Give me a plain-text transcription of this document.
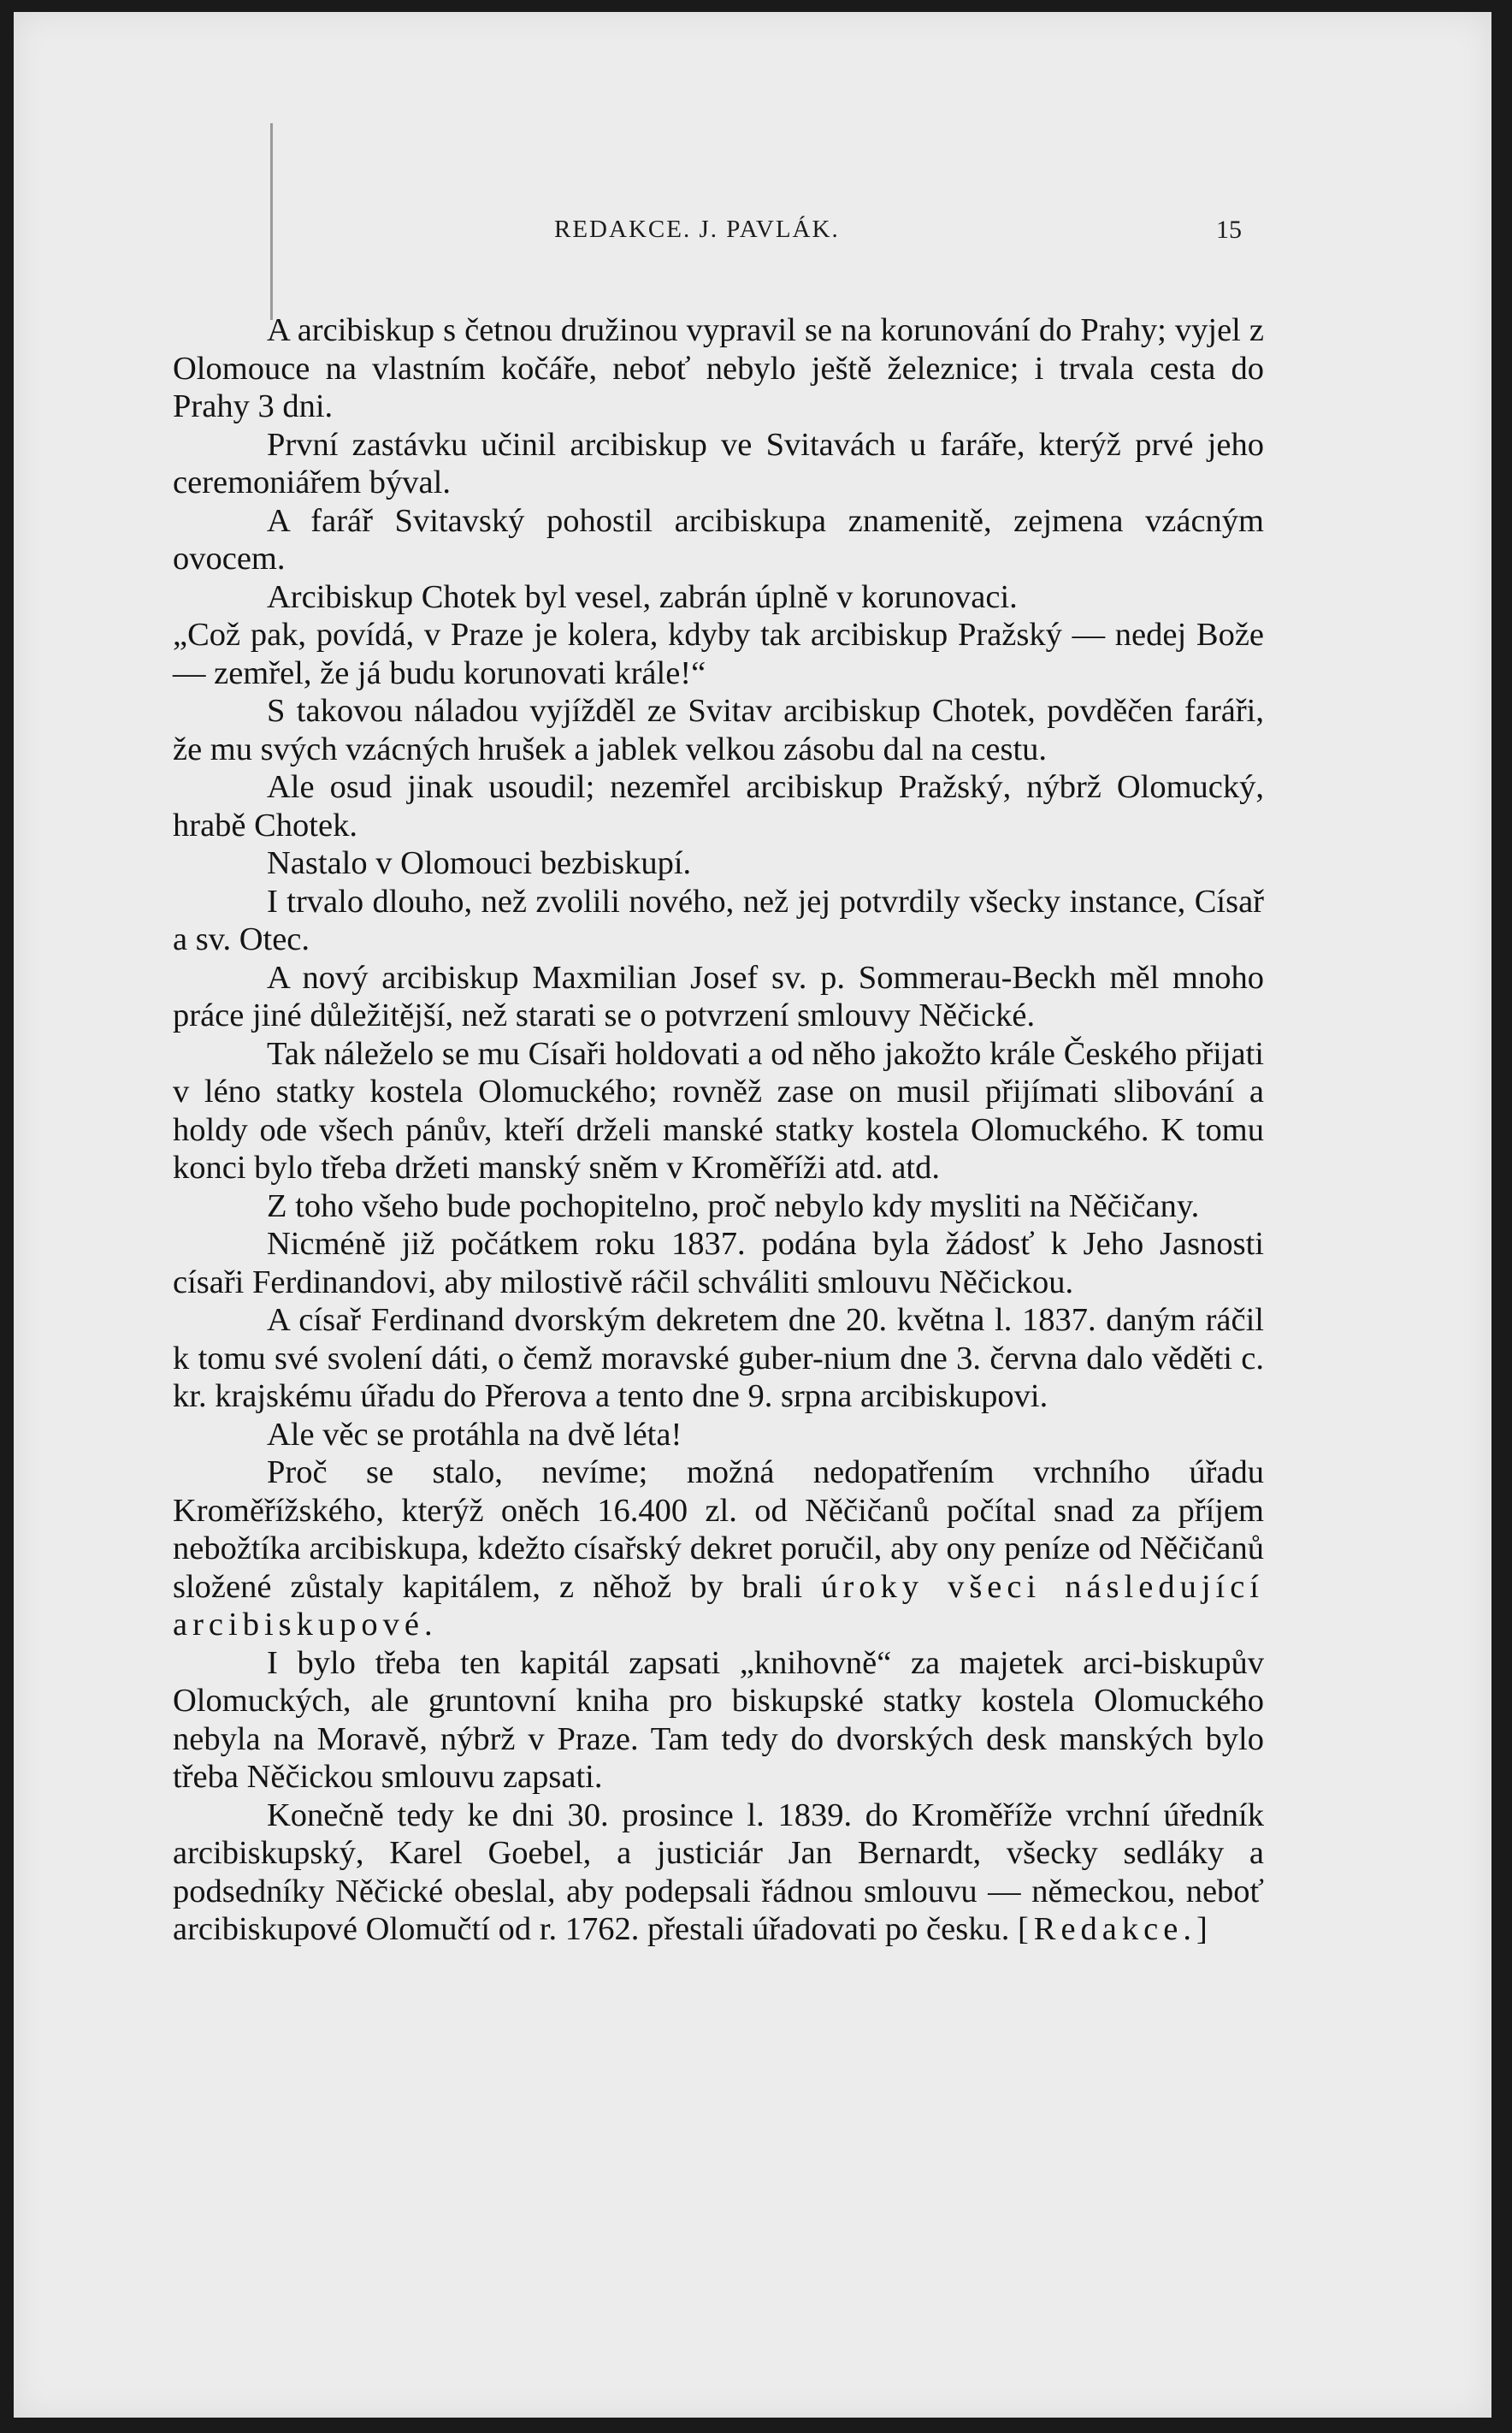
REDAKCE. J. PAVLÁK.	15

A arcibiskup s četnou družinou vypravil se na korunování do Prahy; vyjel z Olomouce na vlastním kočáře, neboť nebylo ještě železnice; i trvala cesta do Prahy 3 dni.

První zastávku učinil arcibiskup ve Svitavách u faráře, kterýž prvé jeho ceremoniářem býval.

A farář Svitavský pohostil arcibiskupa znamenitě, zejmena vzácným ovocem.

Arcibiskup Chotek byl vesel, zabrán úplně v korunovaci.

„Což pak, povídá, v Praze je kolera, kdyby tak arcibiskup Pražský — nedej Bože — zemřel, že já budu korunovati krále!“

S takovou náladou vyjížděl ze Svitav arcibiskup Chotek, povděčen faráři, že mu svých vzácných hrušek a jablek velkou zásobu dal na cestu.

Ale osud jinak usoudil; nezemřel arcibiskup Pražský, nýbrž Olomucký, hrabě Chotek.

Nastalo v Olomouci bezbiskupí.

I trvalo dlouho, než zvolili nového, než jej potvrdily všecky instance, Císař a sv. Otec.

A nový arcibiskup Maxmilian Josef sv. p. Sommerau-Beckh měl mnoho práce jiné důležitější, než starati se o potvrzení smlouvy Něčické.

Tak náleželo se mu Císaři holdovati a od něho jakožto krále Českého přijati v léno statky kostela Olomuckého; rovněž zase on musil přijímati slibování a holdy ode všech pánův, kteří drželi manské statky kostela Olomuckého. K tomu konci bylo třeba držeti manský sněm v Kroměříži atd. atd.

Z toho všeho bude pochopitelno, proč nebylo kdy mysliti na Něčičany.

Nicméně již počátkem roku 1837. podána byla žádosť k Jeho Jasnosti císaři Ferdinandovi, aby milostivě ráčil schváliti smlouvu Něčickou.

A císař Ferdinand dvorským dekretem dne 20. května l. 1837. daným ráčil k tomu své svolení dáti, o čemž moravské guber-nium dne 3. června dalo věděti c. kr. krajskému úřadu do Přerova a tento dne 9. srpna arcibiskupovi.

Ale věc se protáhla na dvě léta!

Proč se stalo, nevíme; možná nedopatřením vrchního úřadu Kroměřížského, kterýž oněch 16.400 zl. od Něčičanů počítal snad za příjem nebožtíka arcibiskupa, kdežto císařský dekret poručil, aby ony peníze od Něčičanů složené zůstaly kapitálem, z něhož by brali úroky všeci následující arcibiskupové.

I bylo třeba ten kapitál zapsati „knihovně“ za majetek arci-biskupův Olomuckých, ale gruntovní kniha pro biskupské statky kostela Olomuckého nebyla na Moravě, nýbrž v Praze. Tam tedy do dvorských desk manských bylo třeba Něčickou smlouvu zapsati.

Konečně tedy ke dni 30. prosince l. 1839. do Kroměříže vrchní úředník arcibiskupský, Karel Goebel, a justiciár Jan Bernardt, všecky sedláky a podsedníky Něčické obeslal, aby podepsali řádnou smlouvu — německou, neboť arcibiskupové Olomučtí od r. 1762. přestali úřadovati po česku. [Redakce.]
